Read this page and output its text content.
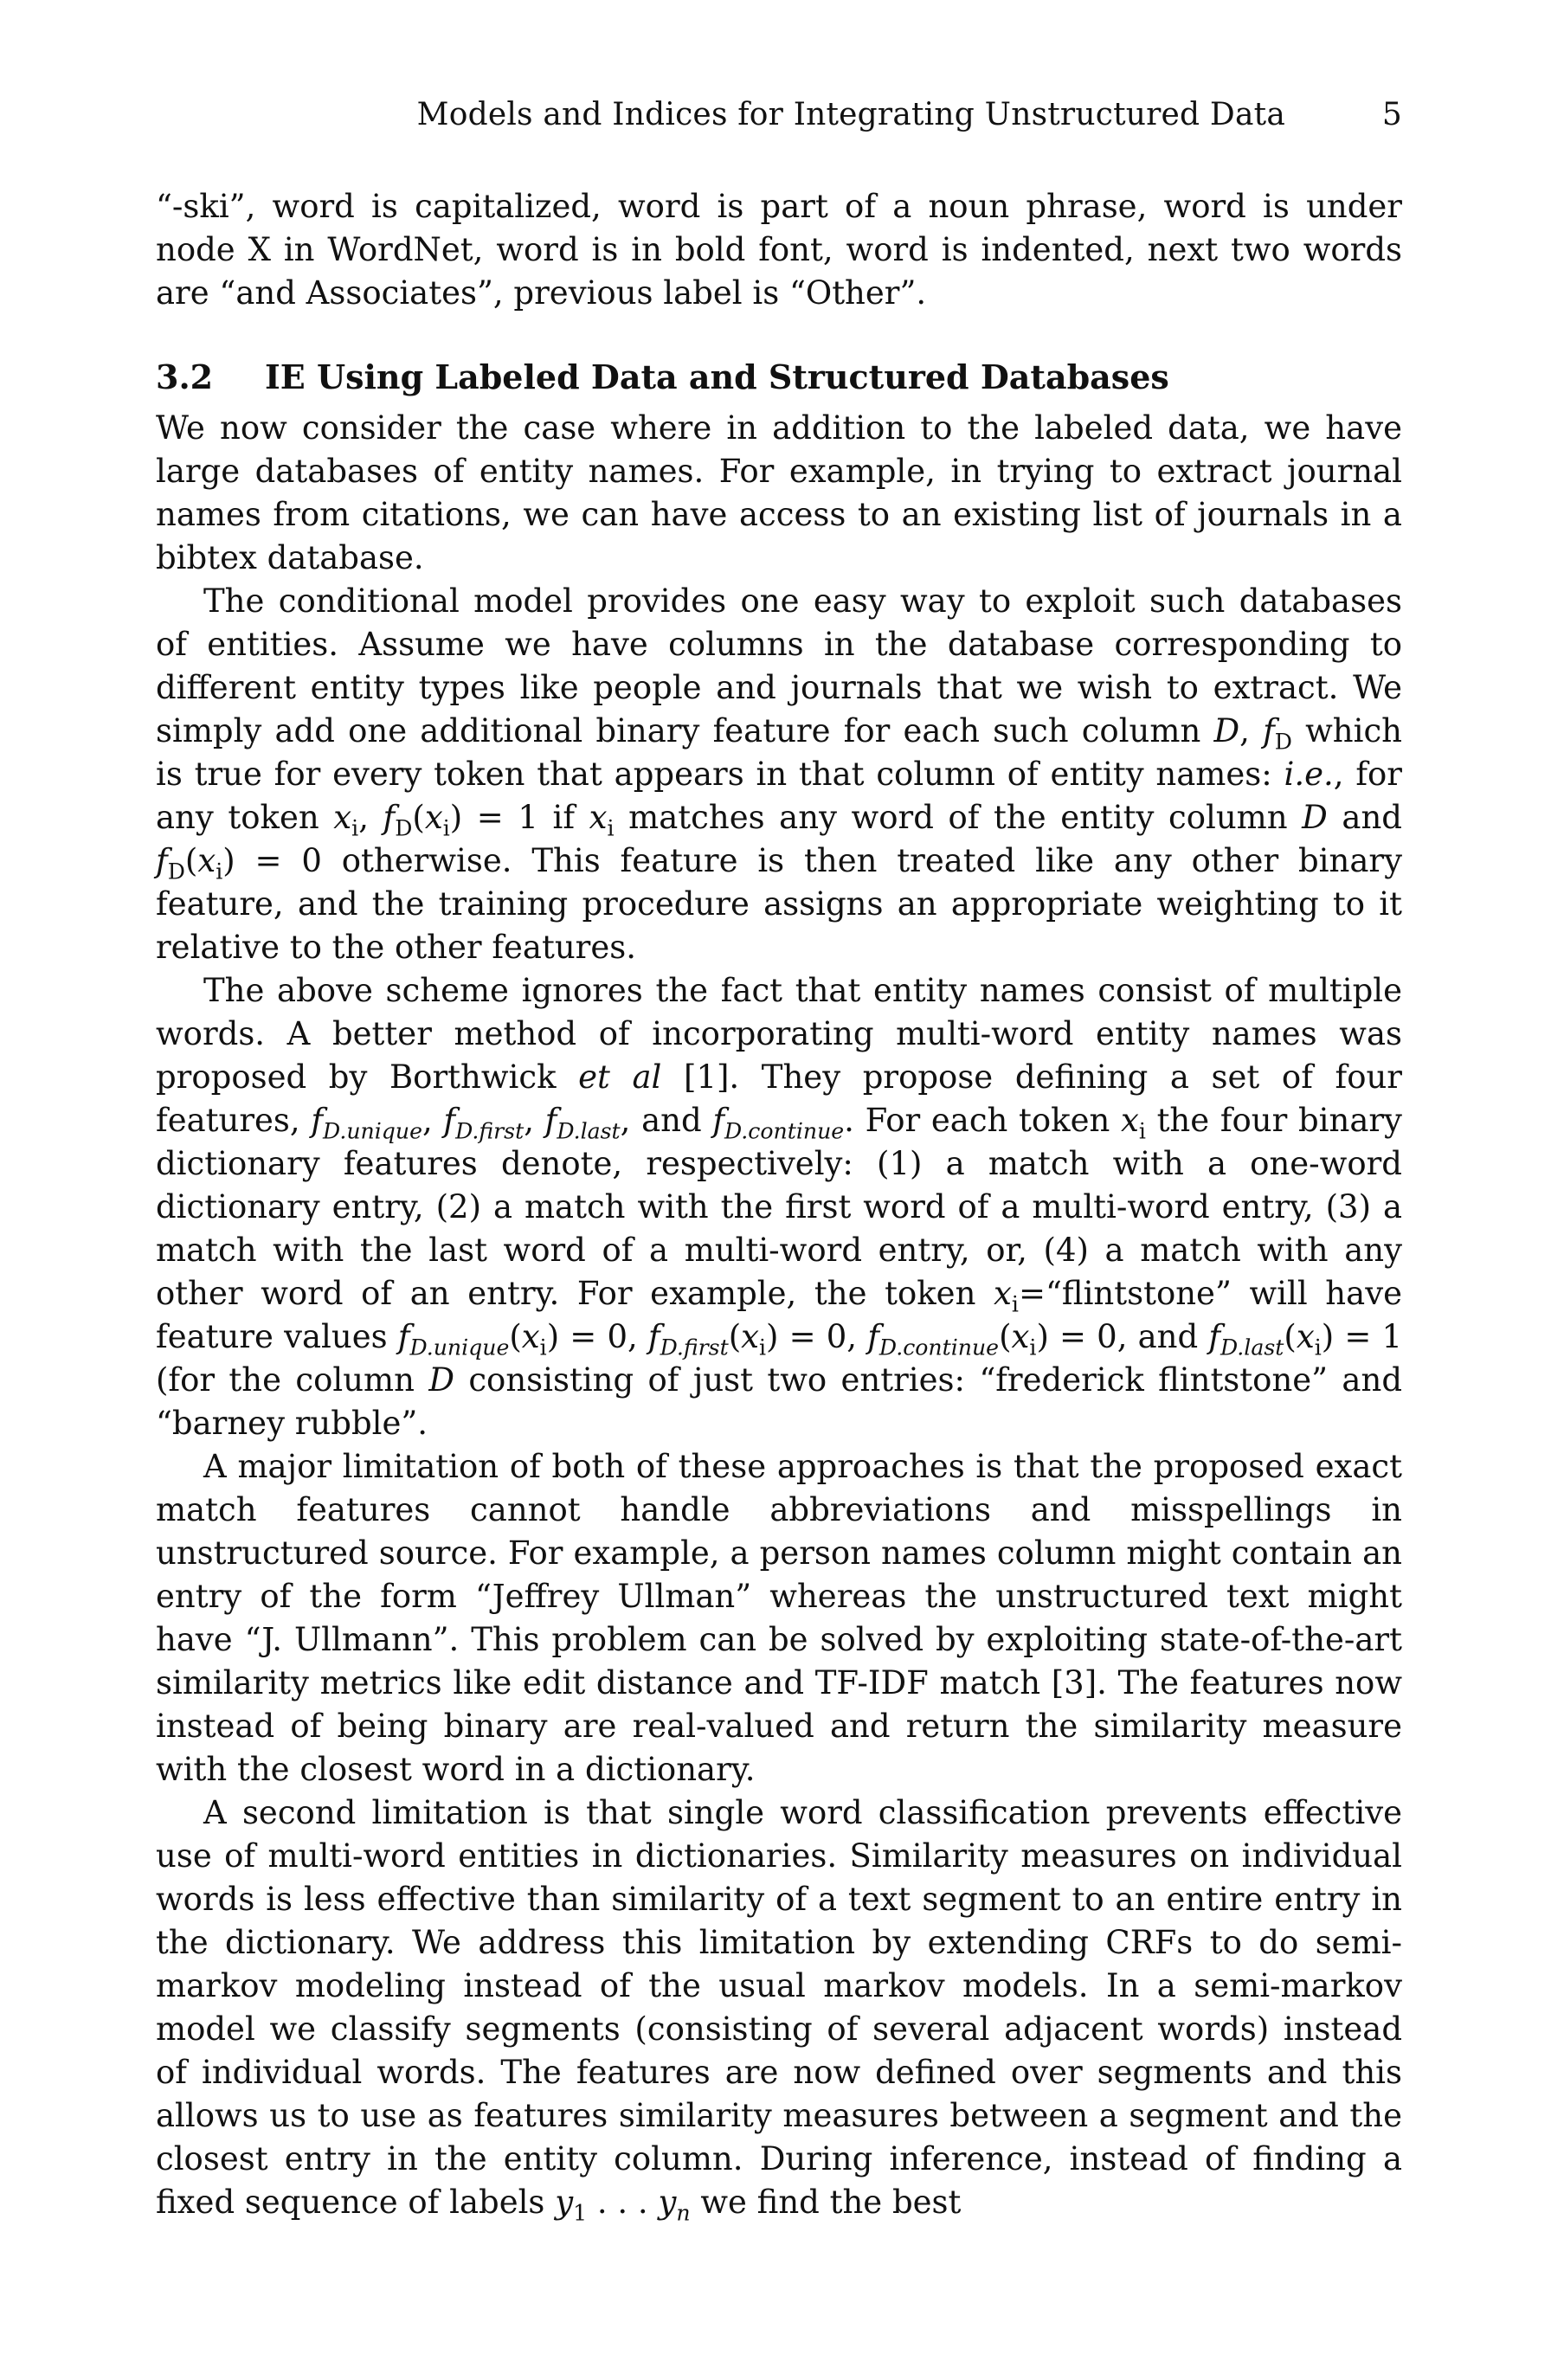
Models and Indices for Integrating Unstructured Data	5

“-ski”, word is capitalized, word is part of a noun phrase, word is under node X in WordNet, word is in bold font, word is indented, next two words are “and Associates”, previous label is “Other”.

3.2 IE Using Labeled Data and Structured Databases

We now consider the case where in addition to the labeled data, we have large databases of entity names. For example, in trying to extract journal names from citations, we can have access to an existing list of journals in a bibtex database.

The conditional model provides one easy way to exploit such databases of entities. Assume we have columns in the database corresponding to different entity types like people and journals that we wish to extract. We simply add one additional binary feature for each such column D, $f_D$ which is true for every token that appears in that column of entity names: i.e., for any token $x_i$, $f_D(x_i) = 1$ if $x_i$ matches any word of the entity column D and $f_D(x_i) = 0$ otherwise. This feature is then treated like any other binary feature, and the training procedure assigns an appropriate weighting to it relative to the other features.

The above scheme ignores the fact that entity names consist of multiple words. A better method of incorporating multi-word entity names was proposed by Borthwick et al [1]. They propose defining a set of four features, $f_{D.unique}$, $f_{D.first}$, $f_{D.last}$, and $f_{D.continue}$. For each token $x_i$ the four binary dictionary features denote, respectively: (1) a match with a one-word dictionary entry, (2) a match with the first word of a multi-word entry, (3) a match with the last word of a multi-word entry, or, (4) a match with any other word of an entry. For example, the token $x_i=“flintstone$” will have feature values $f_{D.unique}(x_i) = 0$, $f_{D.first}(x_i) = 0$, $f_{D.continue}(x_i) = 0$, and $f_{D.last}(x_i) = 1$ (for the column D consisting of just two entries: “frederick flintstone” and “barney rubble”.

A major limitation of both of these approaches is that the proposed exact match features cannot handle abbreviations and misspellings in unstructured source. For example, a person names column might contain an entry of the form “Jeffrey Ullman” whereas the unstructured text might have “J. Ullmann”. This problem can be solved by exploiting state-of-the-art similarity metrics like edit distance and TF-IDF match [3]. The features now instead of being binary are real-valued and return the similarity measure with the closest word in a dictionary.

A second limitation is that single word classification prevents effective use of multi-word entities in dictionaries. Similarity measures on individual words is less effective than similarity of a text segment to an entire entry in the dictionary. We address this limitation by extending CRFs to do semi-markov modeling instead of the usual markov models. In a semi-markov model we classify segments (consisting of several adjacent words) instead of individual words. The features are now defined over segments and this allows us to use as features similarity measures between a segment and the closest entry in the entity column. During inference, instead of finding a fixed sequence of labels $y_1$ . . . $y_n$ we find the best
